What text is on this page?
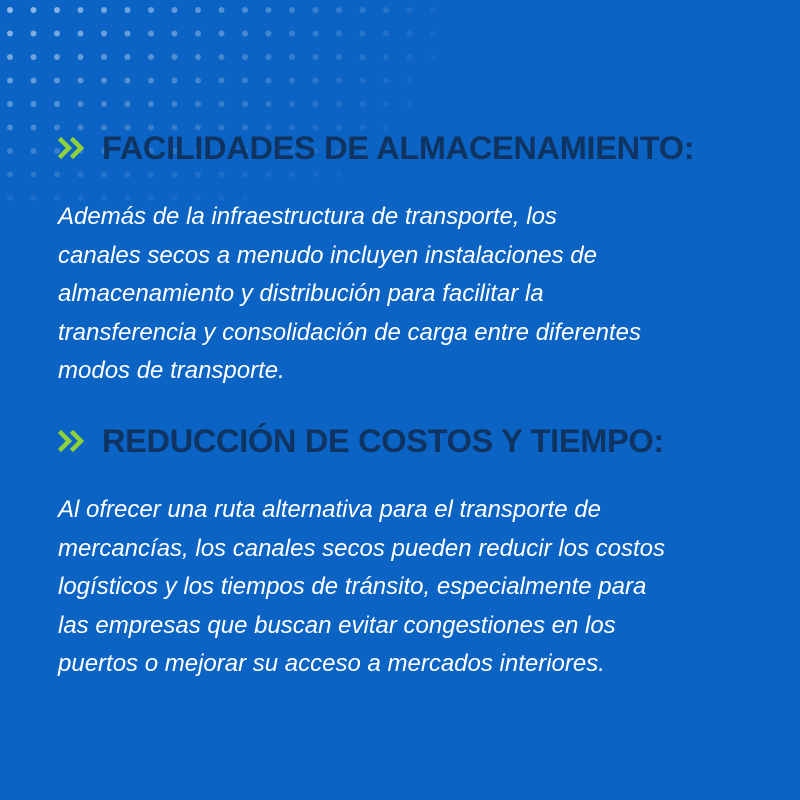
FACILIDADES DE ALMACENAMIENTO:
Además de la infraestructura de transporte, los
canales secos a menudo incluyen instalaciones de
almacenamiento y distribución para facilitar la
transferencia y consolidación de carga entre diferentes
modos de transporte.
REDUCCIÓN DE COSTOS Y TIEMPO:
Al ofrecer una ruta alternativa para el transporte de
mercancías, los canales secos pueden reducir los costos
logísticos y los tiempos de tránsito, especialmente para
las empresas que buscan evitar congestiones en los
puertos o mejorar su acceso a mercados interiores.
